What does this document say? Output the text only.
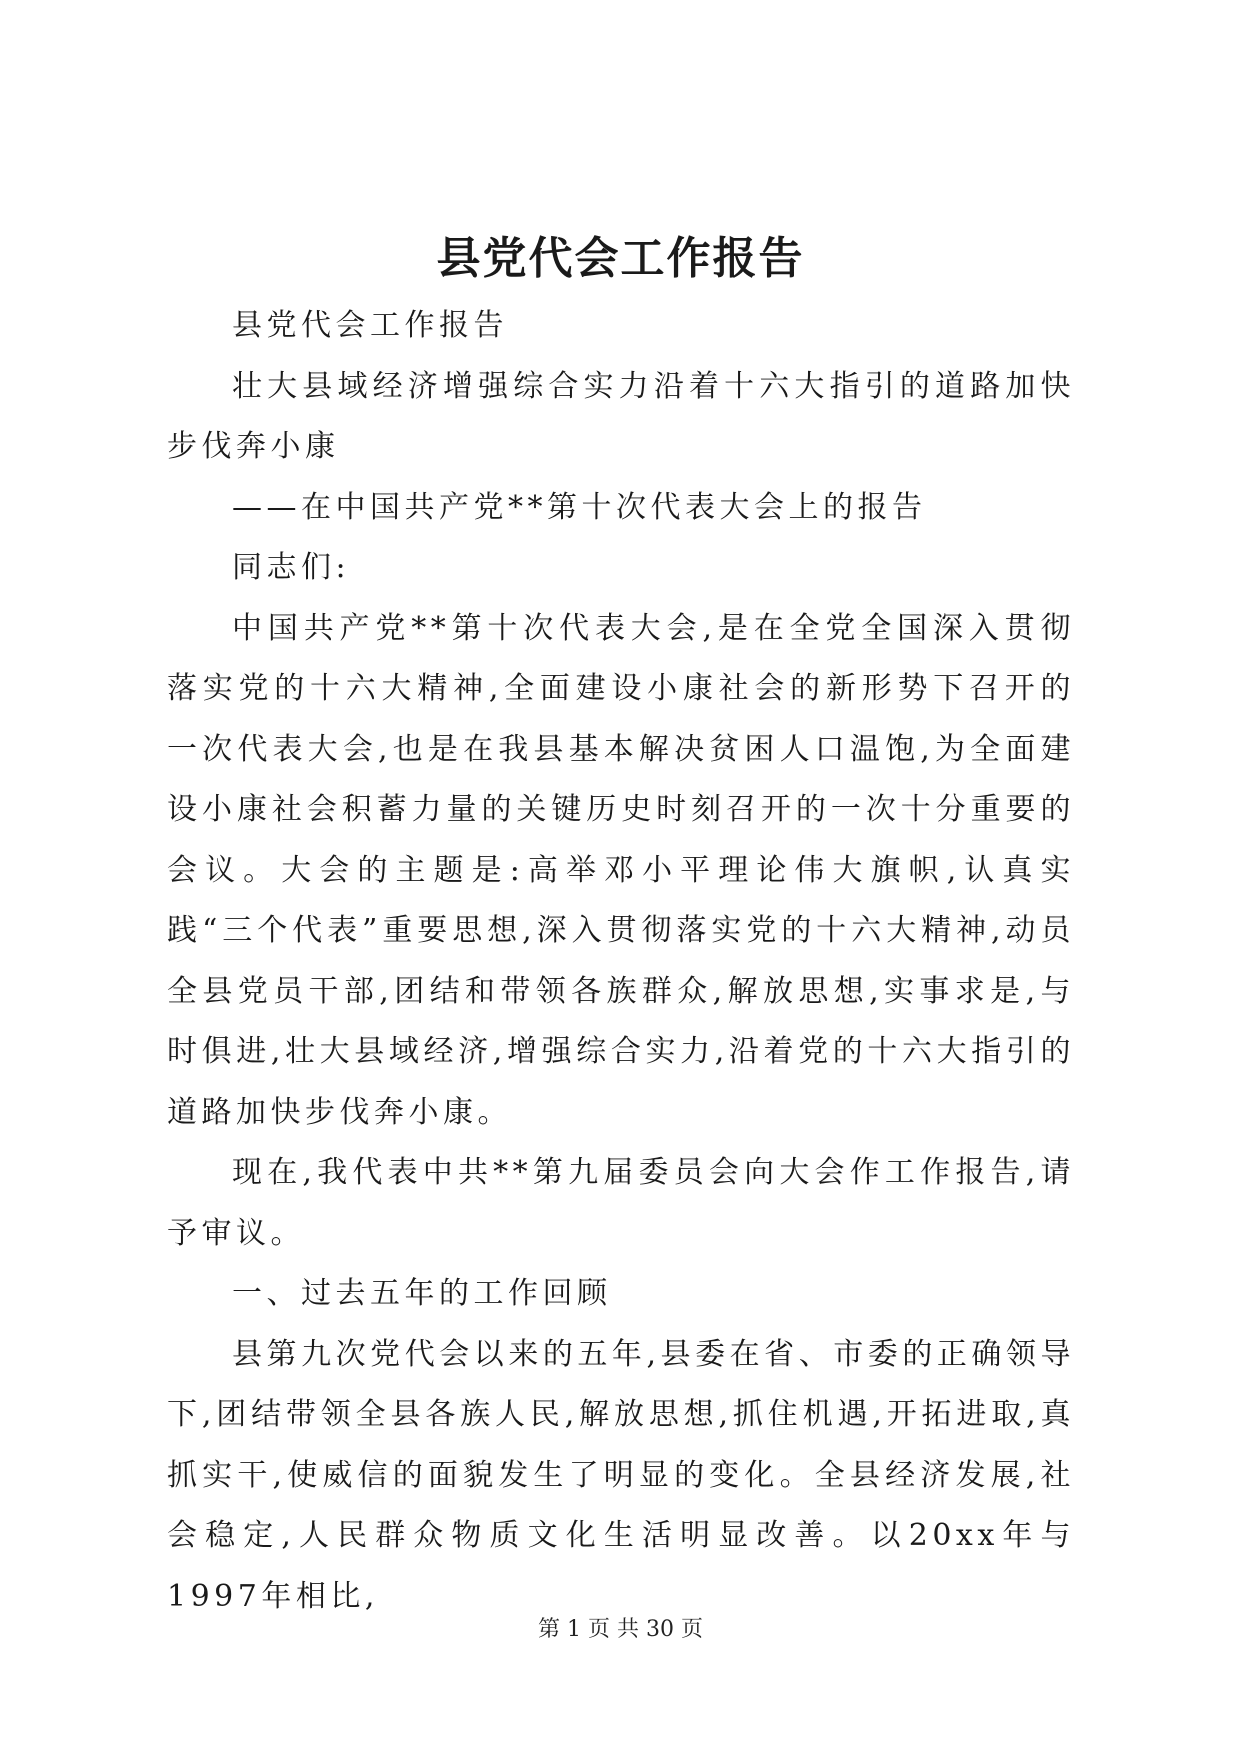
县党代会工作报告

县党代会工作报告

壮大县域经济增强综合实力沿着十六大指引的道路加快步伐奔小康

——在中国共产党**第十次代表大会上的报告

同志们:

中国共产党**第十次代表大会,是在全党全国深入贯彻落实党的十六大精神,全面建设小康社会的新形势下召开的一次代表大会,也是在我县基本解决贫困人口温饱,为全面建设小康社会积蓄力量的关键历史时刻召开的一次十分重要的会议。大会的主题是:高举邓小平理论伟大旗帜,认真实践“三个代表”重要思想,深入贯彻落实党的十六大精神,动员全县党员干部,团结和带领各族群众,解放思想,实事求是,与时俱进,壮大县域经济,增强综合实力,沿着党的十六大指引的道路加快步伐奔小康。

现在,我代表中共**第九届委员会向大会作工作报告,请予审议。

一、过去五年的工作回顾

县第九次党代会以来的五年,县委在省、市委的正确领导下,团结带领全县各族人民,解放思想,抓住机遇,开拓进取,真抓实干,使威信的面貌发生了明显的变化。全县经济发展,社会稳定,人民群众物质文化生活明显改善。以20xx年与1997年相比,

第 1 页 共 30 页
